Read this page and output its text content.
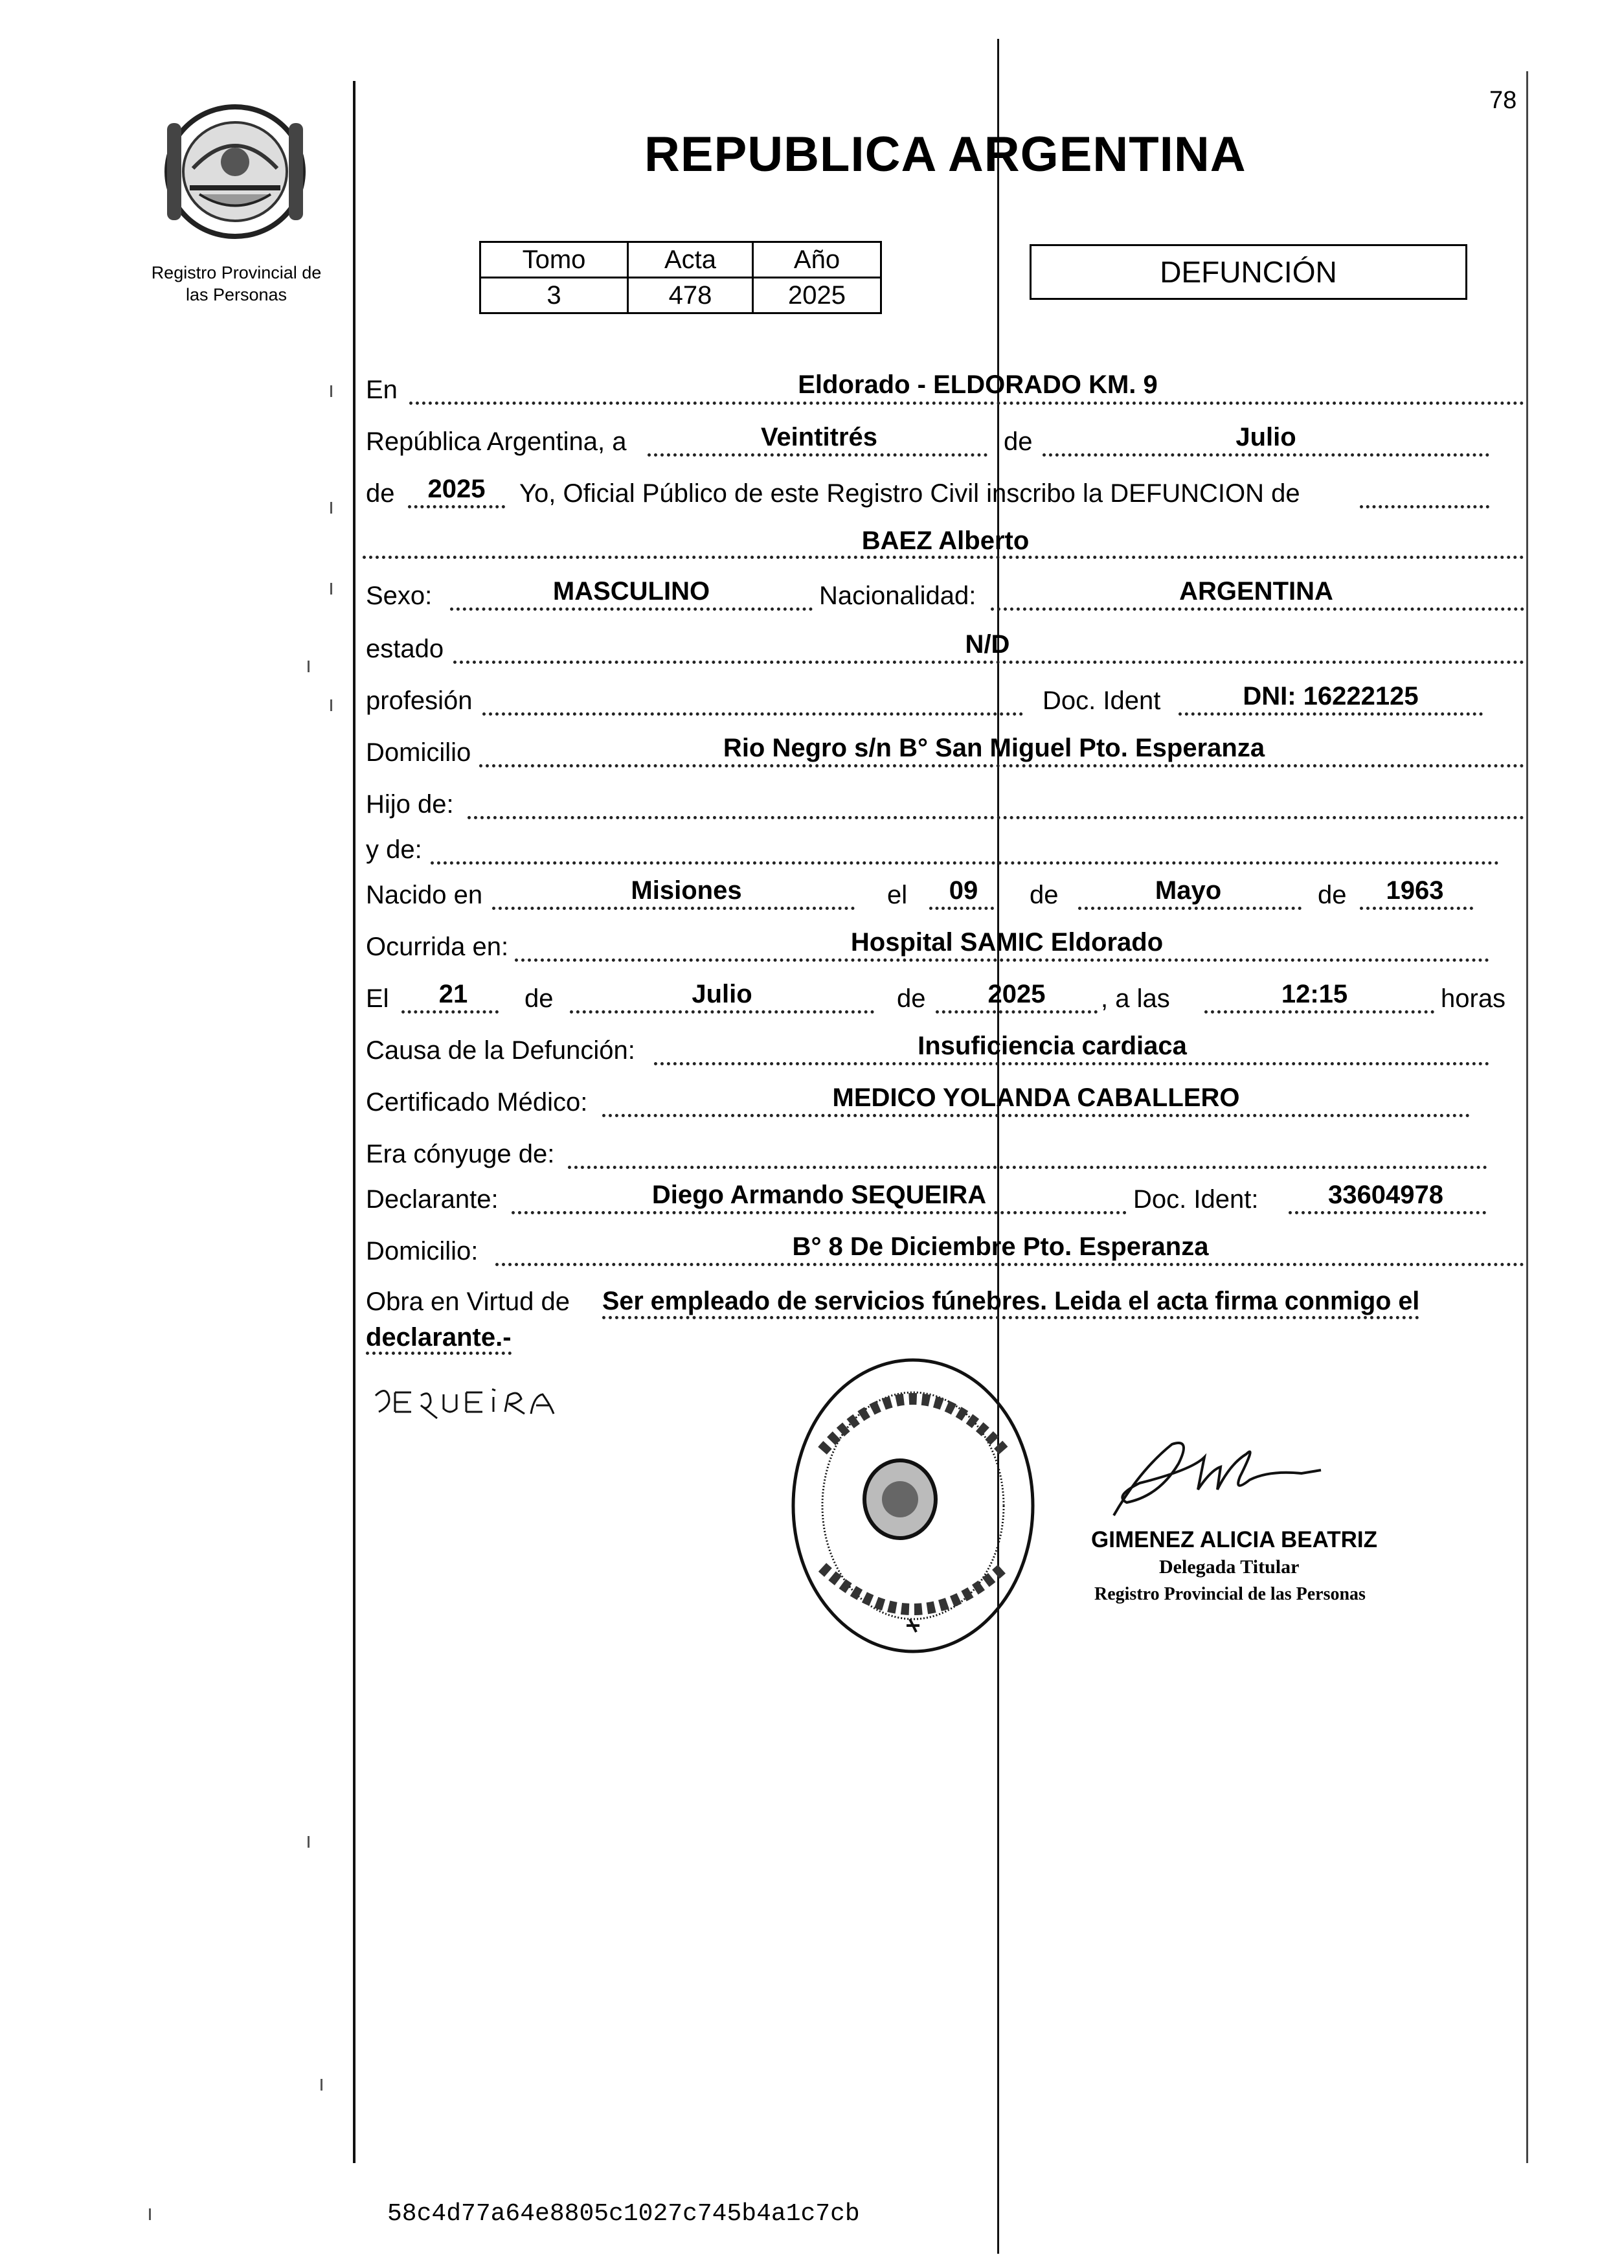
Registro Provincial de
las Personas
78
REPUBLICA ARGENTINA
Tomo	Acta	Año
3	478	2025
DEFUNCIÓN
En	Eldorado - ELDORADO KM. 9
República Argentina, a	Veintitrés	de	Julio
de 2025 Yo, Oficial Público de este Registro Civil inscribo la DEFUNCION de
BAEZ Alberto
Sexo:	MASCULINO	Nacionalidad:	ARGENTINA
estado	N/D
profesión	Doc. Ident	DNI: 16222125
Domicilio	Rio Negro s/n B° San Miguel Pto. Esperanza
Hijo de:
y de:
Nacido en	Misiones	el 09 de	Mayo	de 1963
Ocurrida en:	Hospital SAMIC Eldorado
El 21 de	Julio	de 2025 , a las	12:15	horas
Causa de la Defunción:	Insuficiencia cardiaca
Certificado Médico:	MEDICO YOLANDA CABALLERO
Era cónyuge de:
Declarante:	Diego Armando SEQUEIRA	Doc. Ident:	33604978
Domicilio:	B° 8 De Diciembre Pto. Esperanza
Obra en Virtud de Ser empleado de servicios fúnebres. Leida el acta firma conmigo el
declarante.-
GIMENEZ ALICIA BEATRIZ
Delegada Titular
Registro Provincial de las Personas
58c4d77a64e8805c1027c745b4a1c7cb
